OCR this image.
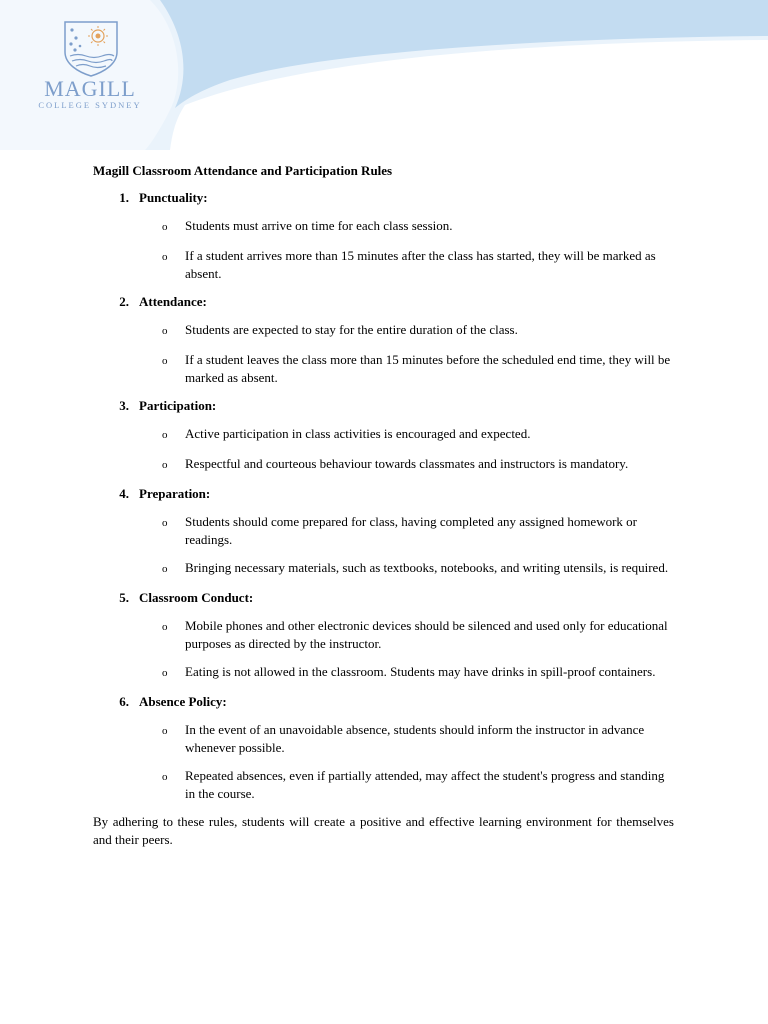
MAGILL
COLLEGE SYDNEY
Magill Classroom Attendance and Participation Rules
1. Punctuality:
o	Students must arrive on time for each class session.
o	If a student arrives more than 15 minutes after the class has started, they will be marked as absent.
2. Attendance:
o	Students are expected to stay for the entire duration of the class.
o	If a student leaves the class more than 15 minutes before the scheduled end time, they will be marked as absent.
3. Participation:
o	Active participation in class activities is encouraged and expected.
o	Respectful and courteous behaviour towards classmates and instructors is mandatory.
4. Preparation:
o	Students should come prepared for class, having completed any assigned homework or readings.
o	Bringing necessary materials, such as textbooks, notebooks, and writing utensils, is required.
5. Classroom Conduct:
o	Mobile phones and other electronic devices should be silenced and used only for educational purposes as directed by the instructor.
o	Eating is not allowed in the classroom. Students may have drinks in spill-proof containers.
6. Absence Policy:
o	In the event of an unavoidable absence, students should inform the instructor in advance whenever possible.
o	Repeated absences, even if partially attended, may affect the student's progress and standing in the course.
By adhering to these rules, students will create a positive and effective learning environment for themselves and their peers.
